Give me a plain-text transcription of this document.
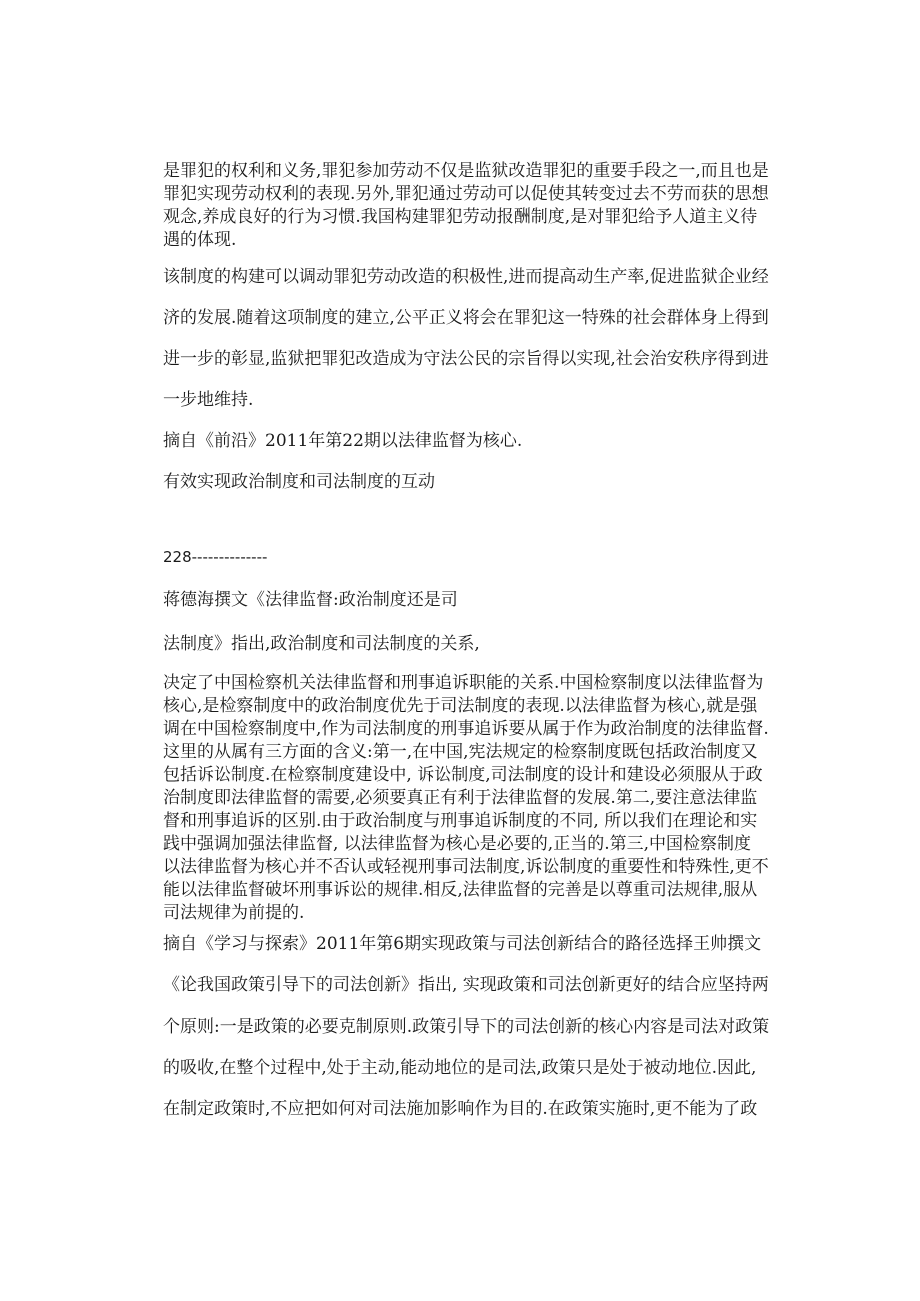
是罪犯的权利和义务,罪犯参加劳动不仅是监狱改造罪犯的重要手段之一,而且也是
罪犯实现劳动权利的表现.另外,罪犯通过劳动可以促使其转变过去不劳而获的思想
观念,养成良好的行为习惯.我国构建罪犯劳动报酬制度,是对罪犯给予人道主义待
遇的体现.
该制度的构建可以调动罪犯劳动改造的积极性,进而提高动生产率,促进监狱企业经
济的发展.随着这项制度的建立,公平正义将会在罪犯这一特殊的社会群体身上得到
进一步的彰显,监狱把罪犯改造成为守法公民的宗旨得以实现,社会治安秩序得到进
一步地维持.
摘自《前沿》2011年第22期以法律监督为核心.
有效实现政治制度和司法制度的互动
228--------------
蒋德海撰文《法律监督:政治制度还是司
法制度》指出,政治制度和司法制度的关系,
决定了中国检察机关法律监督和刑事追诉职能的关系.中国检察制度以法律监督为
核心,是检察制度中的政治制度优先于司法制度的表现.以法律监督为核心,就是强
调在中国检察制度中,作为司法制度的刑事追诉要从属于作为政治制度的法律监督.
这里的从属有三方面的含义:第一,在中国,宪法规定的检察制度既包括政治制度又
包括诉讼制度.在检察制度建设中, 诉讼制度,司法制度的设计和建设必须服从于政
治制度即法律监督的需要,必须要真正有利于法律监督的发展.第二,要注意法律监
督和刑事追诉的区别.由于政治制度与刑事追诉制度的不同, 所以我们在理论和实
践中强调加强法律监督, 以法律监督为核心是必要的,正当的.第三,中国检察制度
以法律监督为核心并不否认或轻视刑事司法制度,诉讼制度的重要性和特殊性,更不
能以法律监督破坏刑事诉讼的规律.相反,法律监督的完善是以尊重司法规律,服从
司法规律为前提的.
摘自《学习与探索》2011年第6期实现政策与司法创新结合的路径选择王帅撰文
《论我国政策引导下的司法创新》指出, 实现政策和司法创新更好的结合应坚持两
个原则:一是政策的必要克制原则.政策引导下的司法创新的核心内容是司法对政策
的吸收,在整个过程中,处于主动,能动地位的是司法,政策只是处于被动地位.因此,
在制定政策时,不应把如何对司法施加影响作为目的.在政策实施时,更不能为了政
